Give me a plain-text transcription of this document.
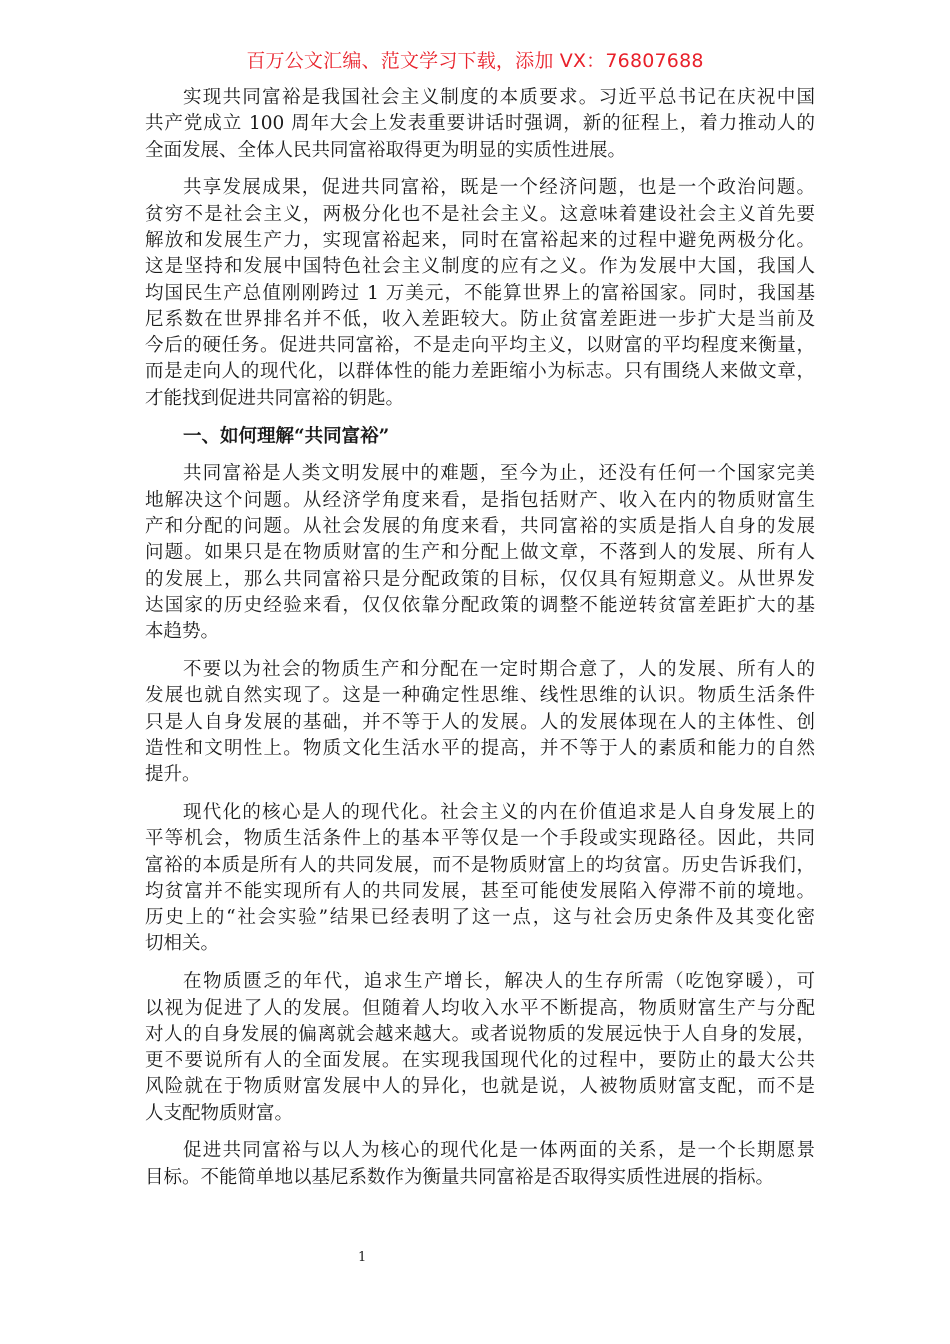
百万公文汇编、范文学习下载，添加 VX：76807688
实现共同富裕是我国社会主义制度的本质要求。习近平总书记在庆祝中国
共产党成立 100 周年大会上发表重要讲话时强调，新的征程上，着力推动人的
全面发展、全体人民共同富裕取得更为明显的实质性进展。
共享发展成果，促进共同富裕，既是一个经济问题，也是一个政治问题。
贫穷不是社会主义，两极分化也不是社会主义。这意味着建设社会主义首先要
解放和发展生产力，实现富裕起来，同时在富裕起来的过程中避免两极分化。
这是坚持和发展中国特色社会主义制度的应有之义。作为发展中大国，我国人
均国民生产总值刚刚跨过 1 万美元，不能算世界上的富裕国家。同时，我国基
尼系数在世界排名并不低，收入差距较大。防止贫富差距进一步扩大是当前及
今后的硬任务。促进共同富裕，不是走向平均主义，以财富的平均程度来衡量，
而是走向人的现代化，以群体性的能力差距缩小为标志。只有围绕人来做文章，
才能找到促进共同富裕的钥匙。
一、如何理解“共同富裕”
共同富裕是人类文明发展中的难题，至今为止，还没有任何一个国家完美
地解决这个问题。从经济学角度来看，是指包括财产、收入在内的物质财富生
产和分配的问题。从社会发展的角度来看，共同富裕的实质是指人自身的发展
问题。如果只是在物质财富的生产和分配上做文章，不落到人的发展、所有人
的发展上，那么共同富裕只是分配政策的目标，仅仅具有短期意义。从世界发
达国家的历史经验来看，仅仅依靠分配政策的调整不能逆转贫富差距扩大的基
本趋势。
不要以为社会的物质生产和分配在一定时期合意了，人的发展、所有人的
发展也就自然实现了。这是一种确定性思维、线性思维的认识。物质生活条件
只是人自身发展的基础，并不等于人的发展。人的发展体现在人的主体性、创
造性和文明性上。物质文化生活水平的提高，并不等于人的素质和能力的自然
提升。
现代化的核心是人的现代化。社会主义的内在价值追求是人自身发展上的
平等机会，物质生活条件上的基本平等仅是一个手段或实现路径。因此，共同
富裕的本质是所有人的共同发展，而不是物质财富上的均贫富。历史告诉我们，
均贫富并不能实现所有人的共同发展，甚至可能使发展陷入停滞不前的境地。
历史上的“社会实验”结果已经表明了这一点，这与社会历史条件及其变化密
切相关。
在物质匮乏的年代，追求生产增长，解决人的生存所需（吃饱穿暖），可
以视为促进了人的发展。但随着人均收入水平不断提高，物质财富生产与分配
对人的自身发展的偏离就会越来越大。或者说物质的发展远快于人自身的发展，
更不要说所有人的全面发展。在实现我国现代化的过程中，要防止的最大公共
风险就在于物质财富发展中人的异化，也就是说，人被物质财富支配，而不是
人支配物质财富。
促进共同富裕与以人为核心的现代化是一体两面的关系，是一个长期愿景
目标。不能简单地以基尼系数作为衡量共同富裕是否取得实质性进展的指标。
1
